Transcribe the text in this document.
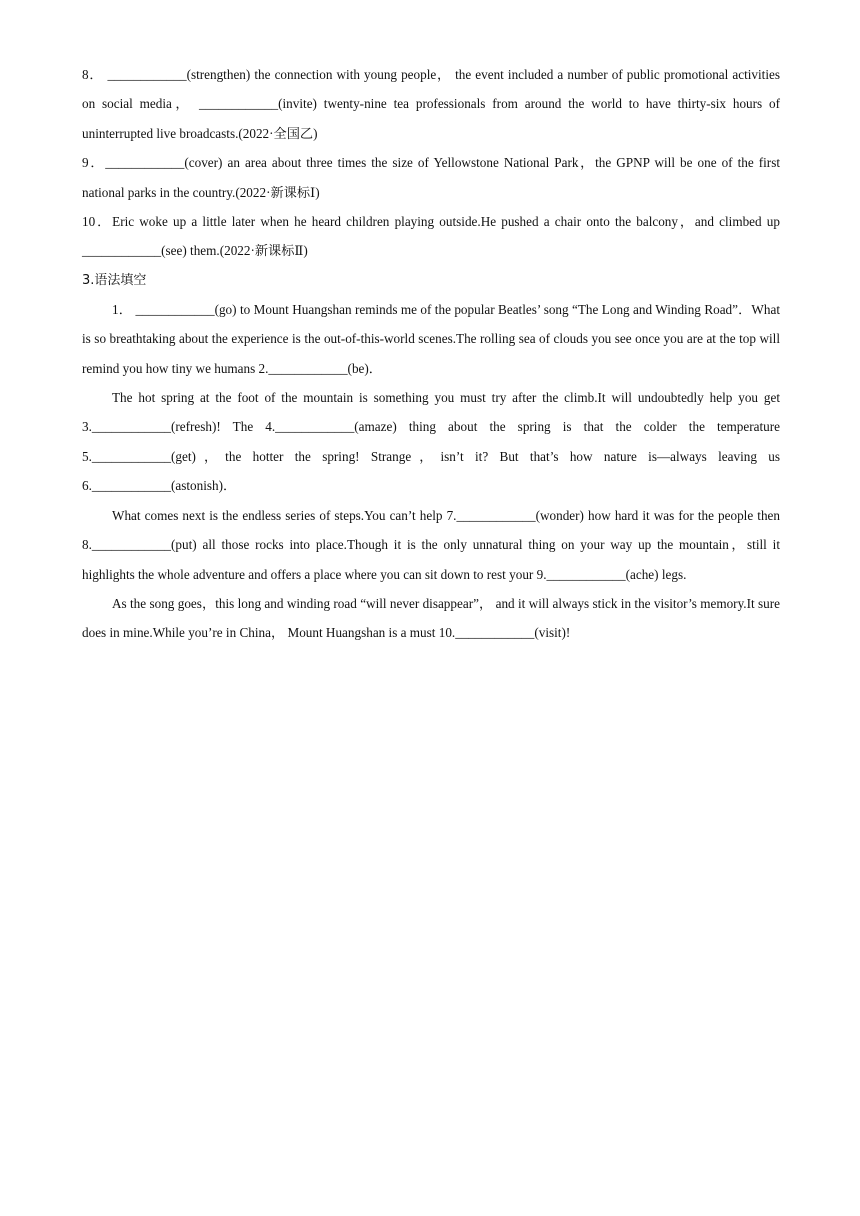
8． ____________(strengthen) the connection with young people， the event included a number of public promotional activities on social media， ____________(invite) twenty-nine tea professionals from around the world to have thirty-six hours of uninterrupted live broadcasts.(2022·全国乙)

9．____________(cover) an area about three times the size of Yellowstone National Park，the GPNP will be one of the first national parks in the country.(2022·新课标Ⅰ)

10．Eric woke up a little later when he heard children playing outside.He pushed a chair onto the balcony，and climbed up ____________(see) them.(2022·新课标Ⅱ)

3.语法填空

1． ____________(go) to Mount Huangshan reminds me of the popular Beatles’ song “The Long and Winding Road”．What is so breathtaking about the experience is the out-of-this-world scenes.The rolling sea of clouds you see once you are at the top will remind you how tiny we humans 2.____________(be)．

The hot spring at the foot of the mountain is something you must try after the climb.It will undoubtedly help you get 3.____________(refresh)! The 4.____________(amaze) thing about the spring is that the colder the temperature 5.____________(get)，the hotter the spring! Strange，isn’t it? But that’s how nature is—always leaving us 6.____________(astonish)．

What comes next is the endless series of steps.You can’t help 7.____________(wonder) how hard it was for the people then 8.____________(put) all those rocks into place.Though it is the only unnatural thing on your way up the mountain，still it highlights the whole adventure and offers a place where you can sit down to rest your 9.____________(ache) legs.

As the song goes，this long and winding road “will never disappear”， and it will always stick in the visitor’s memory.It sure does in mine.While you’re in China， Mount Huangshan is a must 10.____________(visit)!
